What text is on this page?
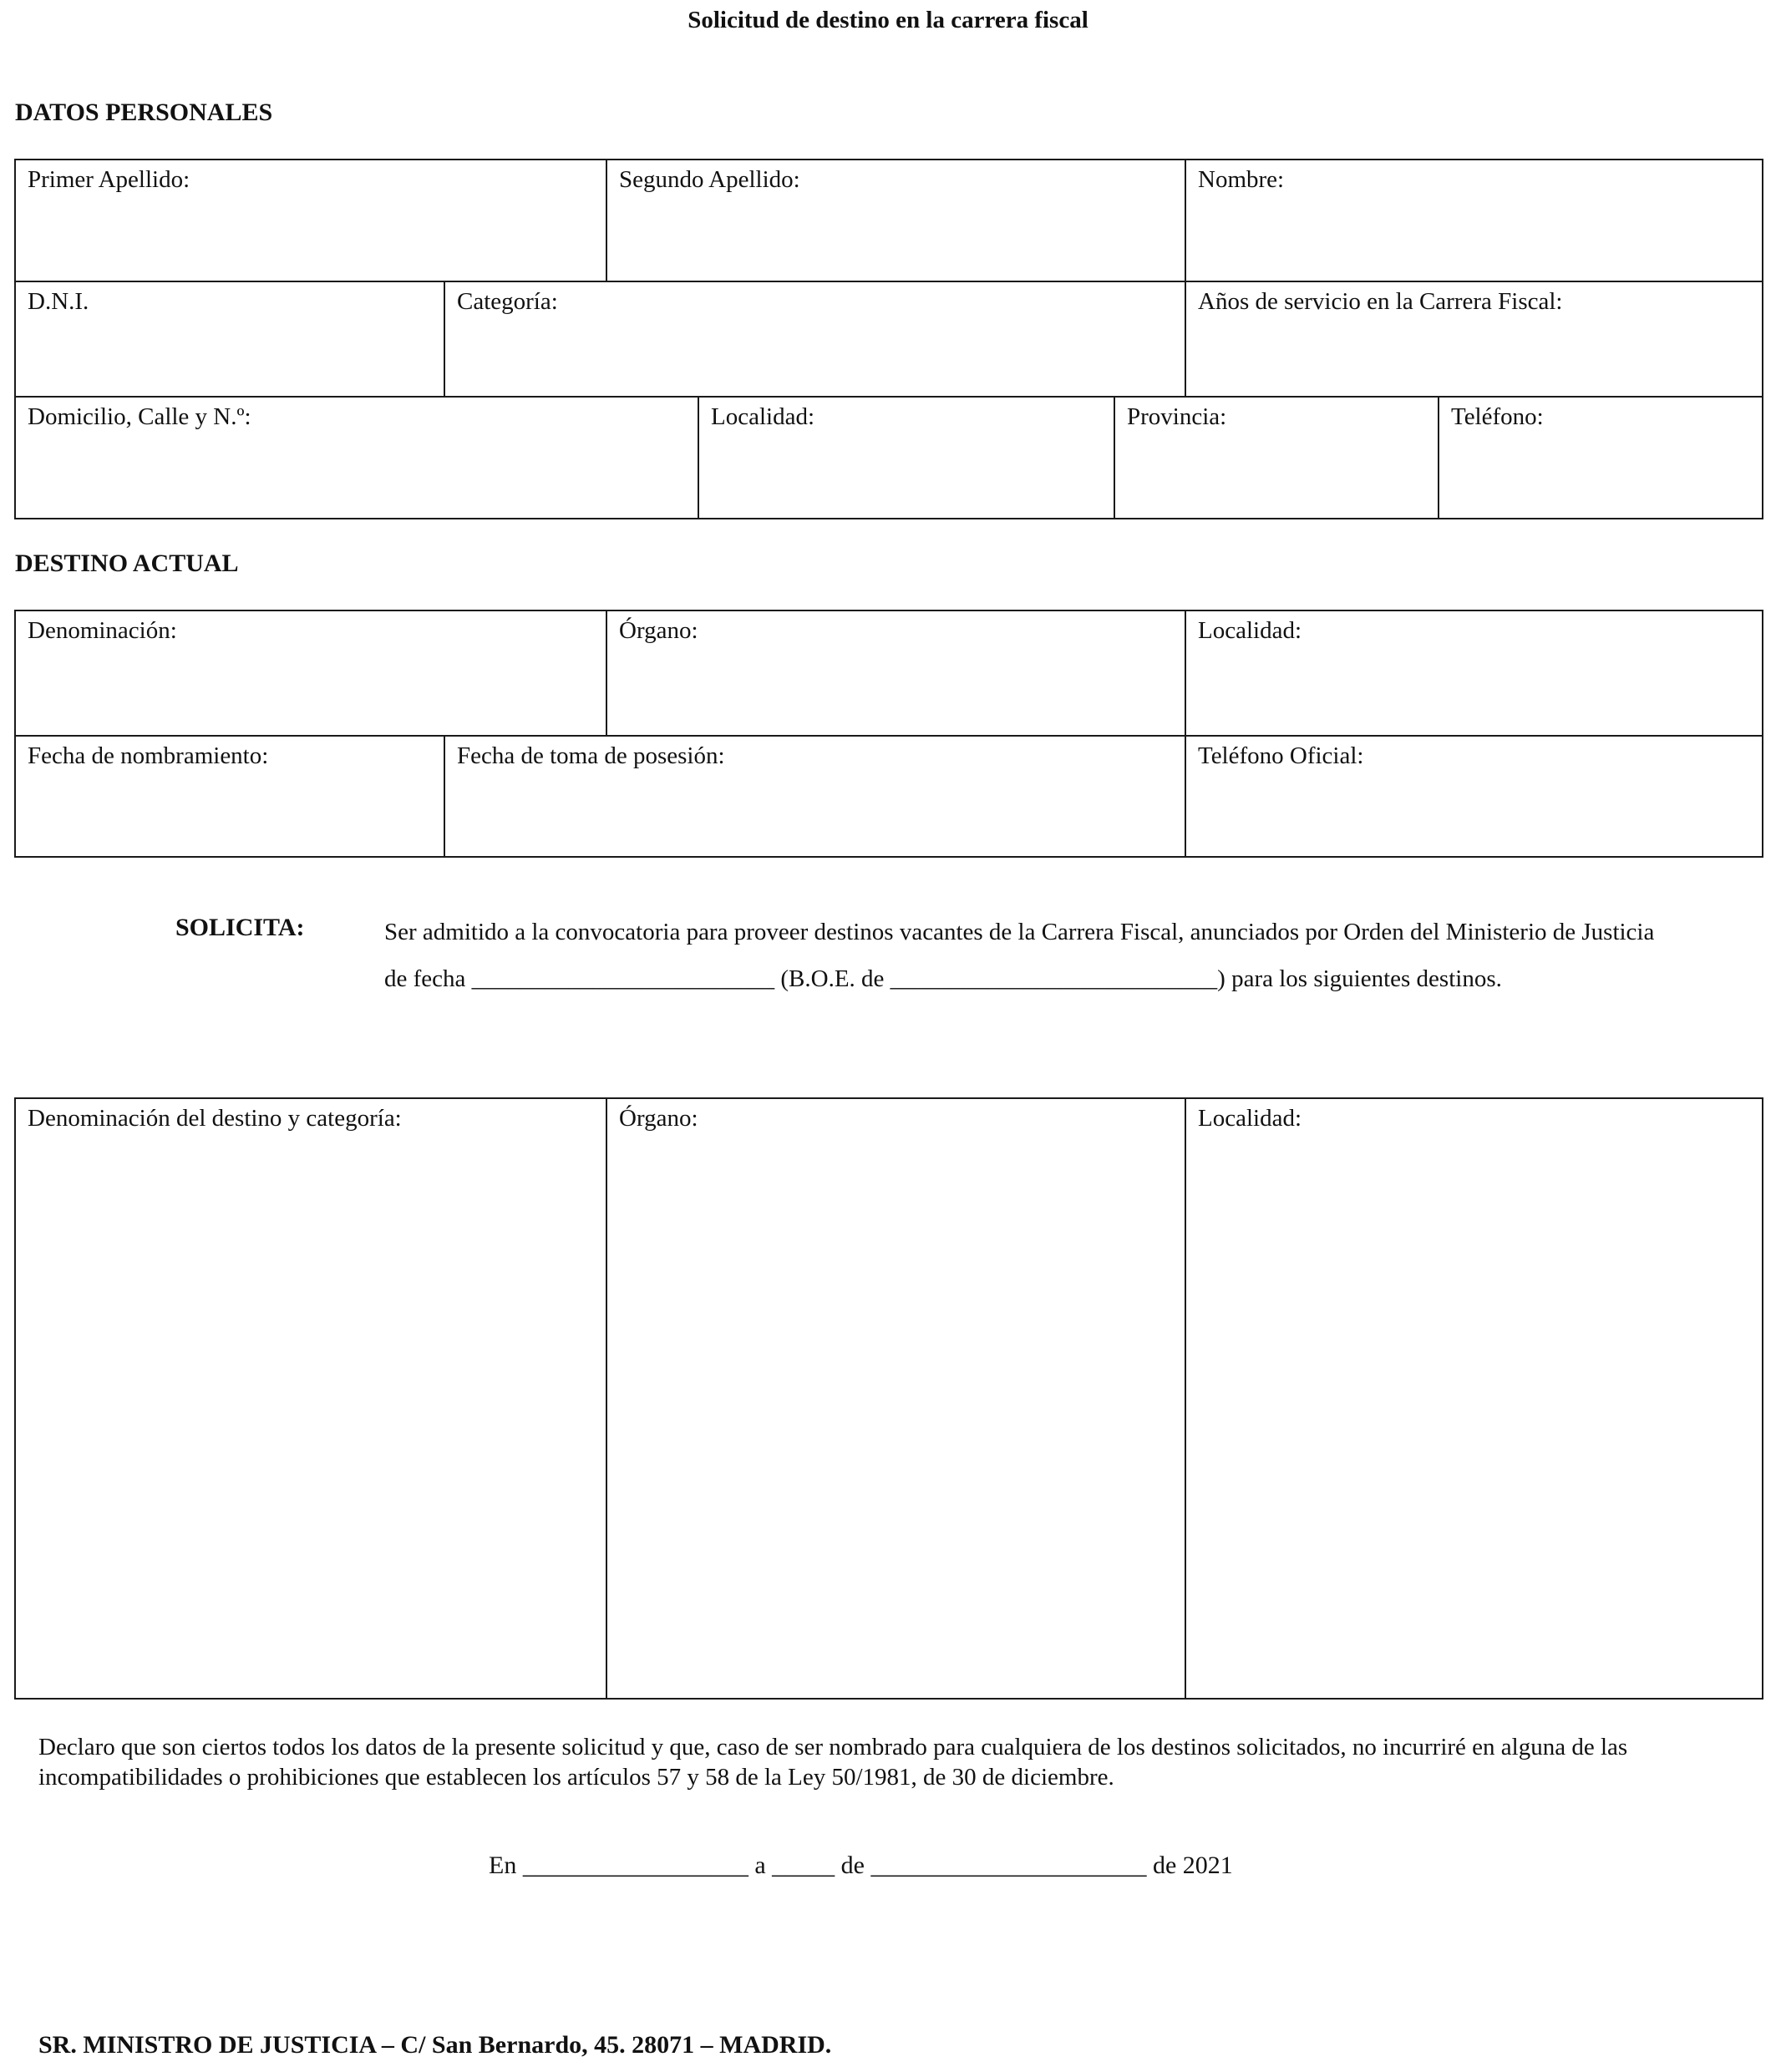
Solicitud de destino en la carrera fiscal
DATOS PERSONALES
Primer Apellido:	Segundo Apellido:	Nombre:
D.N.I.	Categoría:	Años de servicio en la Carrera Fiscal:
Domicilio, Calle y N.º:	Localidad:	Provincia:	Teléfono:
DESTINO ACTUAL
Denominación:	Órgano:	Localidad:
Fecha de nombramiento:	Fecha de toma de posesión:	Teléfono Oficial:
SOLICITA:	Ser admitido a la convocatoria para proveer destinos vacantes de la Carrera Fiscal, anunciados por Orden del Ministerio de Justicia
de fecha _________________________ (B.O.E. de ___________________________) para los siguientes destinos.
Denominación del destino y categoría:	Órgano:	Localidad:
Declaro que son ciertos todos los datos de la presente solicitud y que, caso de ser nombrado para cualquiera de los destinos solicitados, no incurriré en alguna de las
incompatibilidades o prohibiciones que establecen los artículos 57 y 58 de la Ley 50/1981, de 30 de diciembre.
En __________________ a _____ de ______________________ de 2021
SR. MINISTRO DE JUSTICIA – C/ San Bernardo, 45. 28071 – MADRID.
